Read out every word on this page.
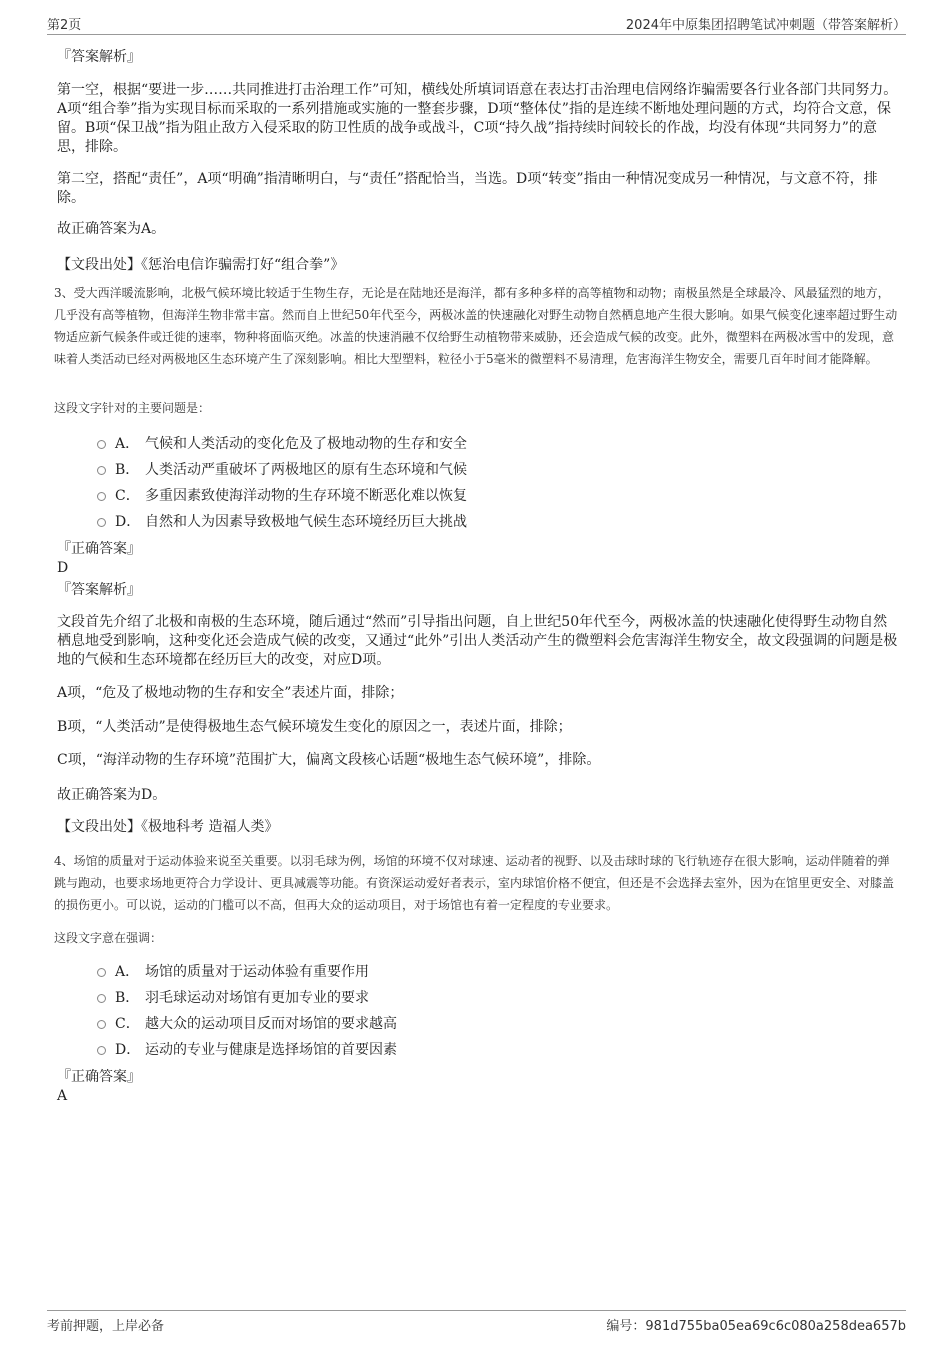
第2页	2024年中原集团招聘笔试冲刺题（带答案解析）
『答案解析』
第一空，根据“要进一步……共同推进打击治理工作”可知，横线处所填词语意在表达打击治理电信网络诈骗需要各行业各部门共同努力。A项“组合拳”指为实现目标而采取的一系列措施或实施的一整套步骤，D项“整体仗”指的是连续不断地处理问题的方式，均符合文意，保留。B项“保卫战”指为阻止敌方入侵采取的防卫性质的战争或战斗，C项“持久战”指持续时间较长的作战，均没有体现“共同努力”的意思，排除。
第二空，搭配“责任”，A项“明确”指清晰明白，与“责任”搭配恰当，当选。D项“转变”指由一种情况变成另一种情况，与文意不符，排除。
故正确答案为A。
【文段出处】《惩治电信诈骗需打好“组合拳”》
3、受大西洋暖流影响，北极气候环境比较适于生物生存，无论是在陆地还是海洋，都有多种多样的高等植物和动物；南极虽然是全球最冷、风最猛烈的地方，几乎没有高等植物，但海洋生物非常丰富。然而自上世纪50年代至今，两极冰盖的快速融化对野生动物自然栖息地产生很大影响。如果气候变化速率超过野生动物适应新气候条件或迁徙的速率，物种将面临灭绝。冰盖的快速消融不仅给野生动植物带来威胁，还会造成气候的改变。此外，微塑料在两极冰雪中的发现，意味着人类活动已经对两极地区生态环境产生了深刻影响。相比大型塑料，粒径小于5毫米的微塑料不易清理，危害海洋生物安全，需要几百年时间才能降解。
这段文字针对的主要问题是：
A． 气候和人类活动的变化危及了极地动物的生存和安全
B． 人类活动严重破坏了两极地区的原有生态环境和气候
C． 多重因素致使海洋动物的生存环境不断恶化难以恢复
D． 自然和人为因素导致极地气候生态环境经历巨大挑战
『正确答案』
D
『答案解析』
文段首先介绍了北极和南极的生态环境，随后通过“然而”引导指出问题，自上世纪50年代至今，两极冰盖的快速融化使得野生动物自然栖息地受到影响，这种变化还会造成气候的改变，又通过“此外”引出人类活动产生的微塑料会危害海洋生物安全，故文段强调的问题是极地的气候和生态环境都在经历巨大的改变，对应D项。
A项，“危及了极地动物的生存和安全”表述片面，排除；
B项，“人类活动”是使得极地生态气候环境发生变化的原因之一，表述片面，排除；
C项，“海洋动物的生存环境”范围扩大，偏离文段核心话题“极地生态气候环境”，排除。
故正确答案为D。
【文段出处】《极地科考 造福人类》
4、场馆的质量对于运动体验来说至关重要。以羽毛球为例，场馆的环境不仅对球速、运动者的视野、以及击球时球的飞行轨迹存在很大影响，运动伴随着的弹跳与跑动，也要求场地更符合力学设计、更具减震等功能。有资深运动爱好者表示，室内球馆价格不便宜，但还是不会选择去室外，因为在馆里更安全、对膝盖的损伤更小。可以说，运动的门槛可以不高，但再大众的运动项目，对于场馆也有着一定程度的专业要求。
这段文字意在强调：
A． 场馆的质量对于运动体验有重要作用
B． 羽毛球运动对场馆有更加专业的要求
C． 越大众的运动项目反而对场馆的要求越高
D． 运动的专业与健康是选择场馆的首要因素
『正确答案』
A
考前押题，上岸必备	编号：981d755ba05ea69c6c080a258dea657b
